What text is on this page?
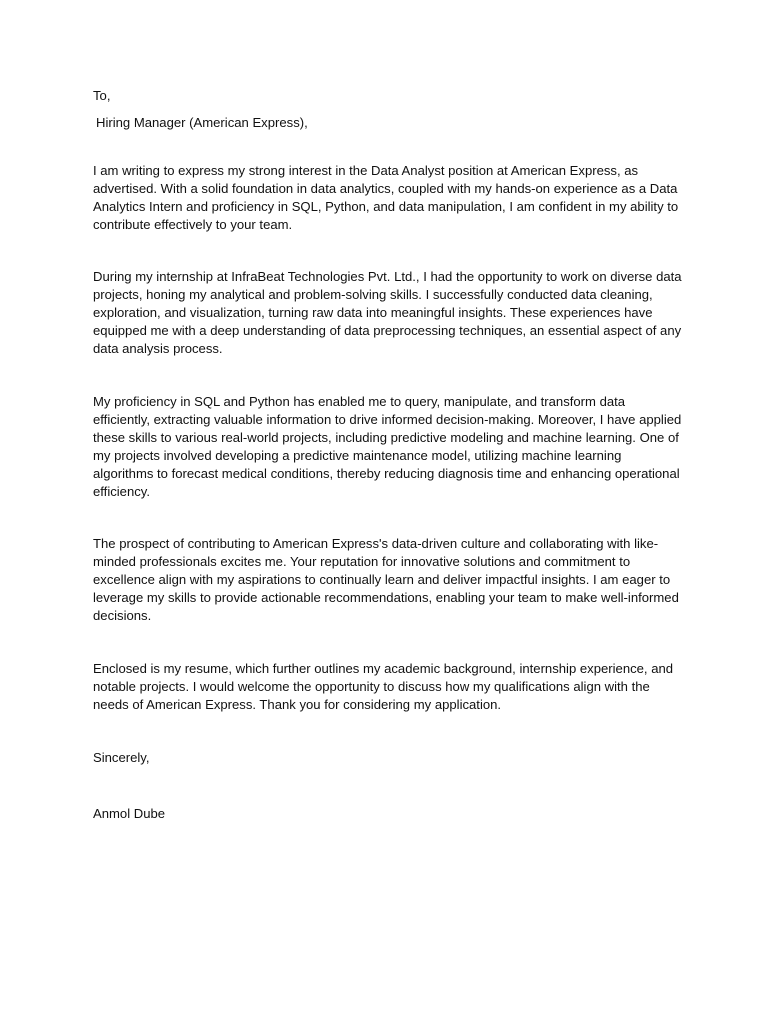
To,

Hiring Manager (American Express),

I am writing to express my strong interest in the Data Analyst position at American Express, as advertised. With a solid foundation in data analytics, coupled with my hands-on experience as a Data Analytics Intern and proficiency in SQL, Python, and data manipulation, I am confident in my ability to contribute effectively to your team.

During my internship at InfraBeat Technologies Pvt. Ltd., I had the opportunity to work on diverse data projects, honing my analytical and problem-solving skills. I successfully conducted data cleaning, exploration, and visualization, turning raw data into meaningful insights. These experiences have equipped me with a deep understanding of data preprocessing techniques, an essential aspect of any data analysis process.

My proficiency in SQL and Python has enabled me to query, manipulate, and transform data efficiently, extracting valuable information to drive informed decision-making. Moreover, I have applied these skills to various real-world projects, including predictive modeling and machine learning. One of my projects involved developing a predictive maintenance model, utilizing machine learning algorithms to forecast medical conditions, thereby reducing diagnosis time and enhancing operational efficiency.

The prospect of contributing to American Express's data-driven culture and collaborating with like-minded professionals excites me. Your reputation for innovative solutions and commitment to excellence align with my aspirations to continually learn and deliver impactful insights. I am eager to leverage my skills to provide actionable recommendations, enabling your team to make well-informed decisions.

Enclosed is my resume, which further outlines my academic background, internship experience, and notable projects. I would welcome the opportunity to discuss how my qualifications align with the needs of American Express. Thank you for considering my application.

Sincerely,

Anmol Dube
